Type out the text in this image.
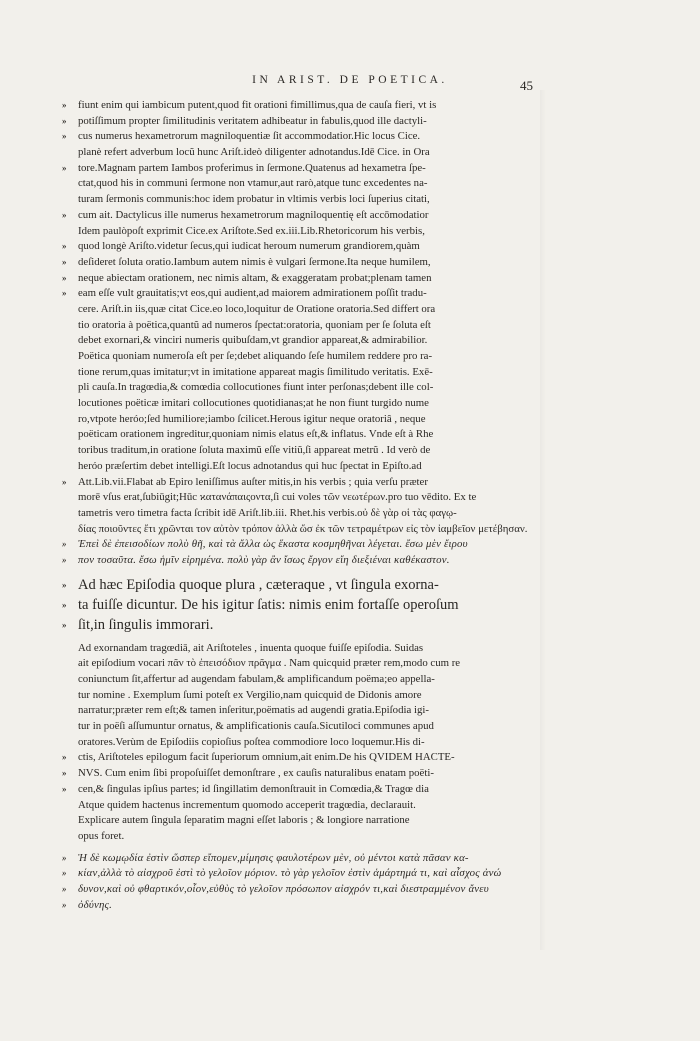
IN ARIST. DE POETICA.	45
»	fiunt enim qui iambicum putent,quod fit orationi fimillimus,qua de cauſa fieri, vt is
»	potiſſimum propter ſimilitudinis veritatem adhibeatur in fabulis,quod ille dactyli-
»	cus numerus hexametrorum magniloquentiæ ſit accommodatior.Hic locus Cice.
planè refert adverbum locũ hunc Ariſt.ideò diligenter adnotandus.Idē Cice. in Ora
»	tore.Magnam partem Iambos proferimus in ſermone.Quatenus ad hexametra ſpe-
ctat,quod his in communi ſermone non vtamur,aut rarò,atque tunc excedentes na-
turam ſermonis communis:hoc idem probatur in vltimis verbis loci ſuperius citati,
»	cum ait. Dactylicus ille numerus hexametrorum magniloquentię eſt accōmodatior
Idem paulòpoſt exprimit Cice.ex Ariſtote.Sed ex.iii.Lib.Rhetoricorum his verbis,
»	quod longè Ariſto.videtur ſecus,qui iudicat heroum numerum grandiorem,quàm
»	deſideret ſoluta oratio.Iambum autem nimis è vulgari ſermone.Ita neque humilem,
»	neque abiectam orationem, nec nimis altam, & exaggeratam probat;plenam tamen
»	eam eſſe vult grauitatis;vt eos,qui audient,ad maiorem admirationem poſſit tradu-
cere. Ariſt.in iis,quæ citat Cice.eo loco,loquitur de Oratione oratoria.Sed differt ora
tio oratoria à poëtica,quantũ ad numeros ſpectat:oratoria, quoniam per ſe ſoluta eſt
debet exornari,& vinciri numeris quibuſdam,vt grandior appareat,& admirabilior.
Poëtica quoniam numeroſa eſt per ſe;debet aliquando ſeſe humilem reddere pro ra-
tione rerum,quas imitatur;vt in imitatione appareat magis ſimilitudo veritatis. Exē-
pli cauſa.In tragœdia,& comœdia collocutiones fiunt inter perſonas;debent ille col-
locutiones poëticæ imitari collocutiones quotidianas;at he non fiunt turgido nume
ro,vtpote heróo;ſed humiliore;iambo ſcilicet.Herous igitur neque oratoriâ , neque
poëticam orationem ingreditur,quoniam nimis elatus eſt,& inflatus. Vnde eſt à Rhe
toribus traditum,in oratione ſoluta maximũ eſſe vitiũ,ſi appareat metrũ . Id verò de
heróo præſertim debet intelligi.Eſt locus adnotandus qui huc ſpectat in Epiſto.ad
»	Att.Lib.vii.Flabat ab Epiro leniſſimus auſter mitis,in his verbis ; quia verſu præter
morē vſus erat,ſubiūgit;Hūc ϰατανάπαιςοντα,ſi cui voles τῶν νεωτέρων.pro tuo vēdito. Ex te
tametris vero timetra facta ſcribit idē Ariſt.lib.iii. Rhet.his verbis.οὐ δὲ γὰρ οἱ τὰς φαγῳ-
δίας ποιοῦντες ἔτι χρῶνται τον αὐτὸν τρόπον ἀλλὰ ὥσ ἐκ τῶν τετραμέτρων εἰς τὸν ἰαμβεῖον μετέβησαν.
»	Ἐπεὶ δὲ ἐπεισοδίων πολὺ θῆ, καὶ τὰ ἄλλα ὡς ἕκαστα κοσμηθῆναι λέγεται. ἔσω μὲν ἔιρου
»	πον τοσαῦτα. ἔσω ἡμῖν εἰρημένα. πολὺ γὰρ ἂν ἴσως ἔργον εἴη διεξιέναι καθέκαστον.
» Ad hæc Epiſodia quoque plura , cæteraque , vt ſingula exorna-
» ta fuiſſe dicuntur. De his igitur ſatis: nimis enim fortaſſe operoſum
» ſit,in ſingulis immorari.
Ad exornandam tragœdiā, ait Ariſtoteles , inuenta quoque fuiſſe epiſodia. Suidas
ait epiſodium vocari πᾶν τὸ ἐπεισόδιον πρᾶγμα . Nam quicquid præter rem,modo cum re
coniunctum ſit,affertur ad augendam fabulam,& amplificandum poëma;eo appella-
tur nomine . Exemplum ſumi poteſt ex Vergilio,nam quicquid de Didonis amore
narratur;præter rem eſt;& tamen inſeritur,poëmatis ad augendi gratia.Epiſodia igi-
tur in poëſi aſſumuntur ornatus, & amplificationis cauſa.Sicutiloci communes apud
oratores.Verùm de Epiſodiis copioſius poſtea commodiore loco loquemur.His di-
»	ctis, Ariſtoteles epilogum facit ſuperiorum omnium,ait enim.De his QVIDEM HACTE-
»	NVS. Cum enim ſibi propoſuiſſet demonſtrare , ex cauſis naturalibus enatam poëti-
»	cen,& ſingulas ipſius partes; id ſingillatim demonſtrauit in Comœdia,& Tragœ dia
Atque quidem hactenus incrementum quomodo acceperit tragœdia, declarauit.
Explicare autem ſingula ſeparatim magni eſſet laboris ; & longiore narratione
opus foret.
»	Ἡ δὲ κωμῳδία ἐστὶν ὥσπερ εἴπομεν,μίμησις φαυλοτέρων μὲν, οὐ μέντοι κατὰ πᾶσαν κα-
»	κίαν,ἀλλὰ τὸ αἰσχροῦ ἐστὶ τὸ γελοῖον μόριον. τὸ γὰρ γελοῖον ἐστὶν ἁμάρτημά τι, καὶ αἶσχος ἀνώ
»	δυνον,καὶ οὐ φθαρτικόν,οἷον,εὐθὺς τὸ γελοῖον πρόσωπον αἰσχρόν τι,καὶ διεστραμμένον ἄνευ
»	ὀδύνης.
